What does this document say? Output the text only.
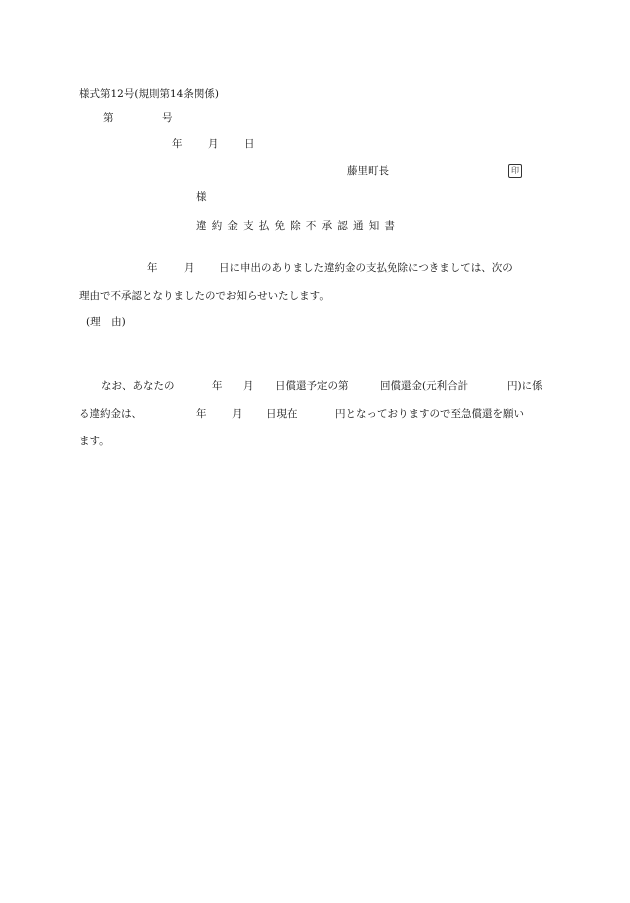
様式第12号(規則第14条関係)
第	号
年 月 日
藤里町長	印
様
違約金支払免除不承認通知書
年	月 日に申出のありました違約金の支払免除につきましては、次の
理由で不承認となりましたのでお知らせいたします。
(理　由)
なお、あなたの	年 月 日償還予定の第	回償還金(元利合計	円)に係
る違約金は、	年 月 日現在	円となっておりますので至急償還を願い
ます。
